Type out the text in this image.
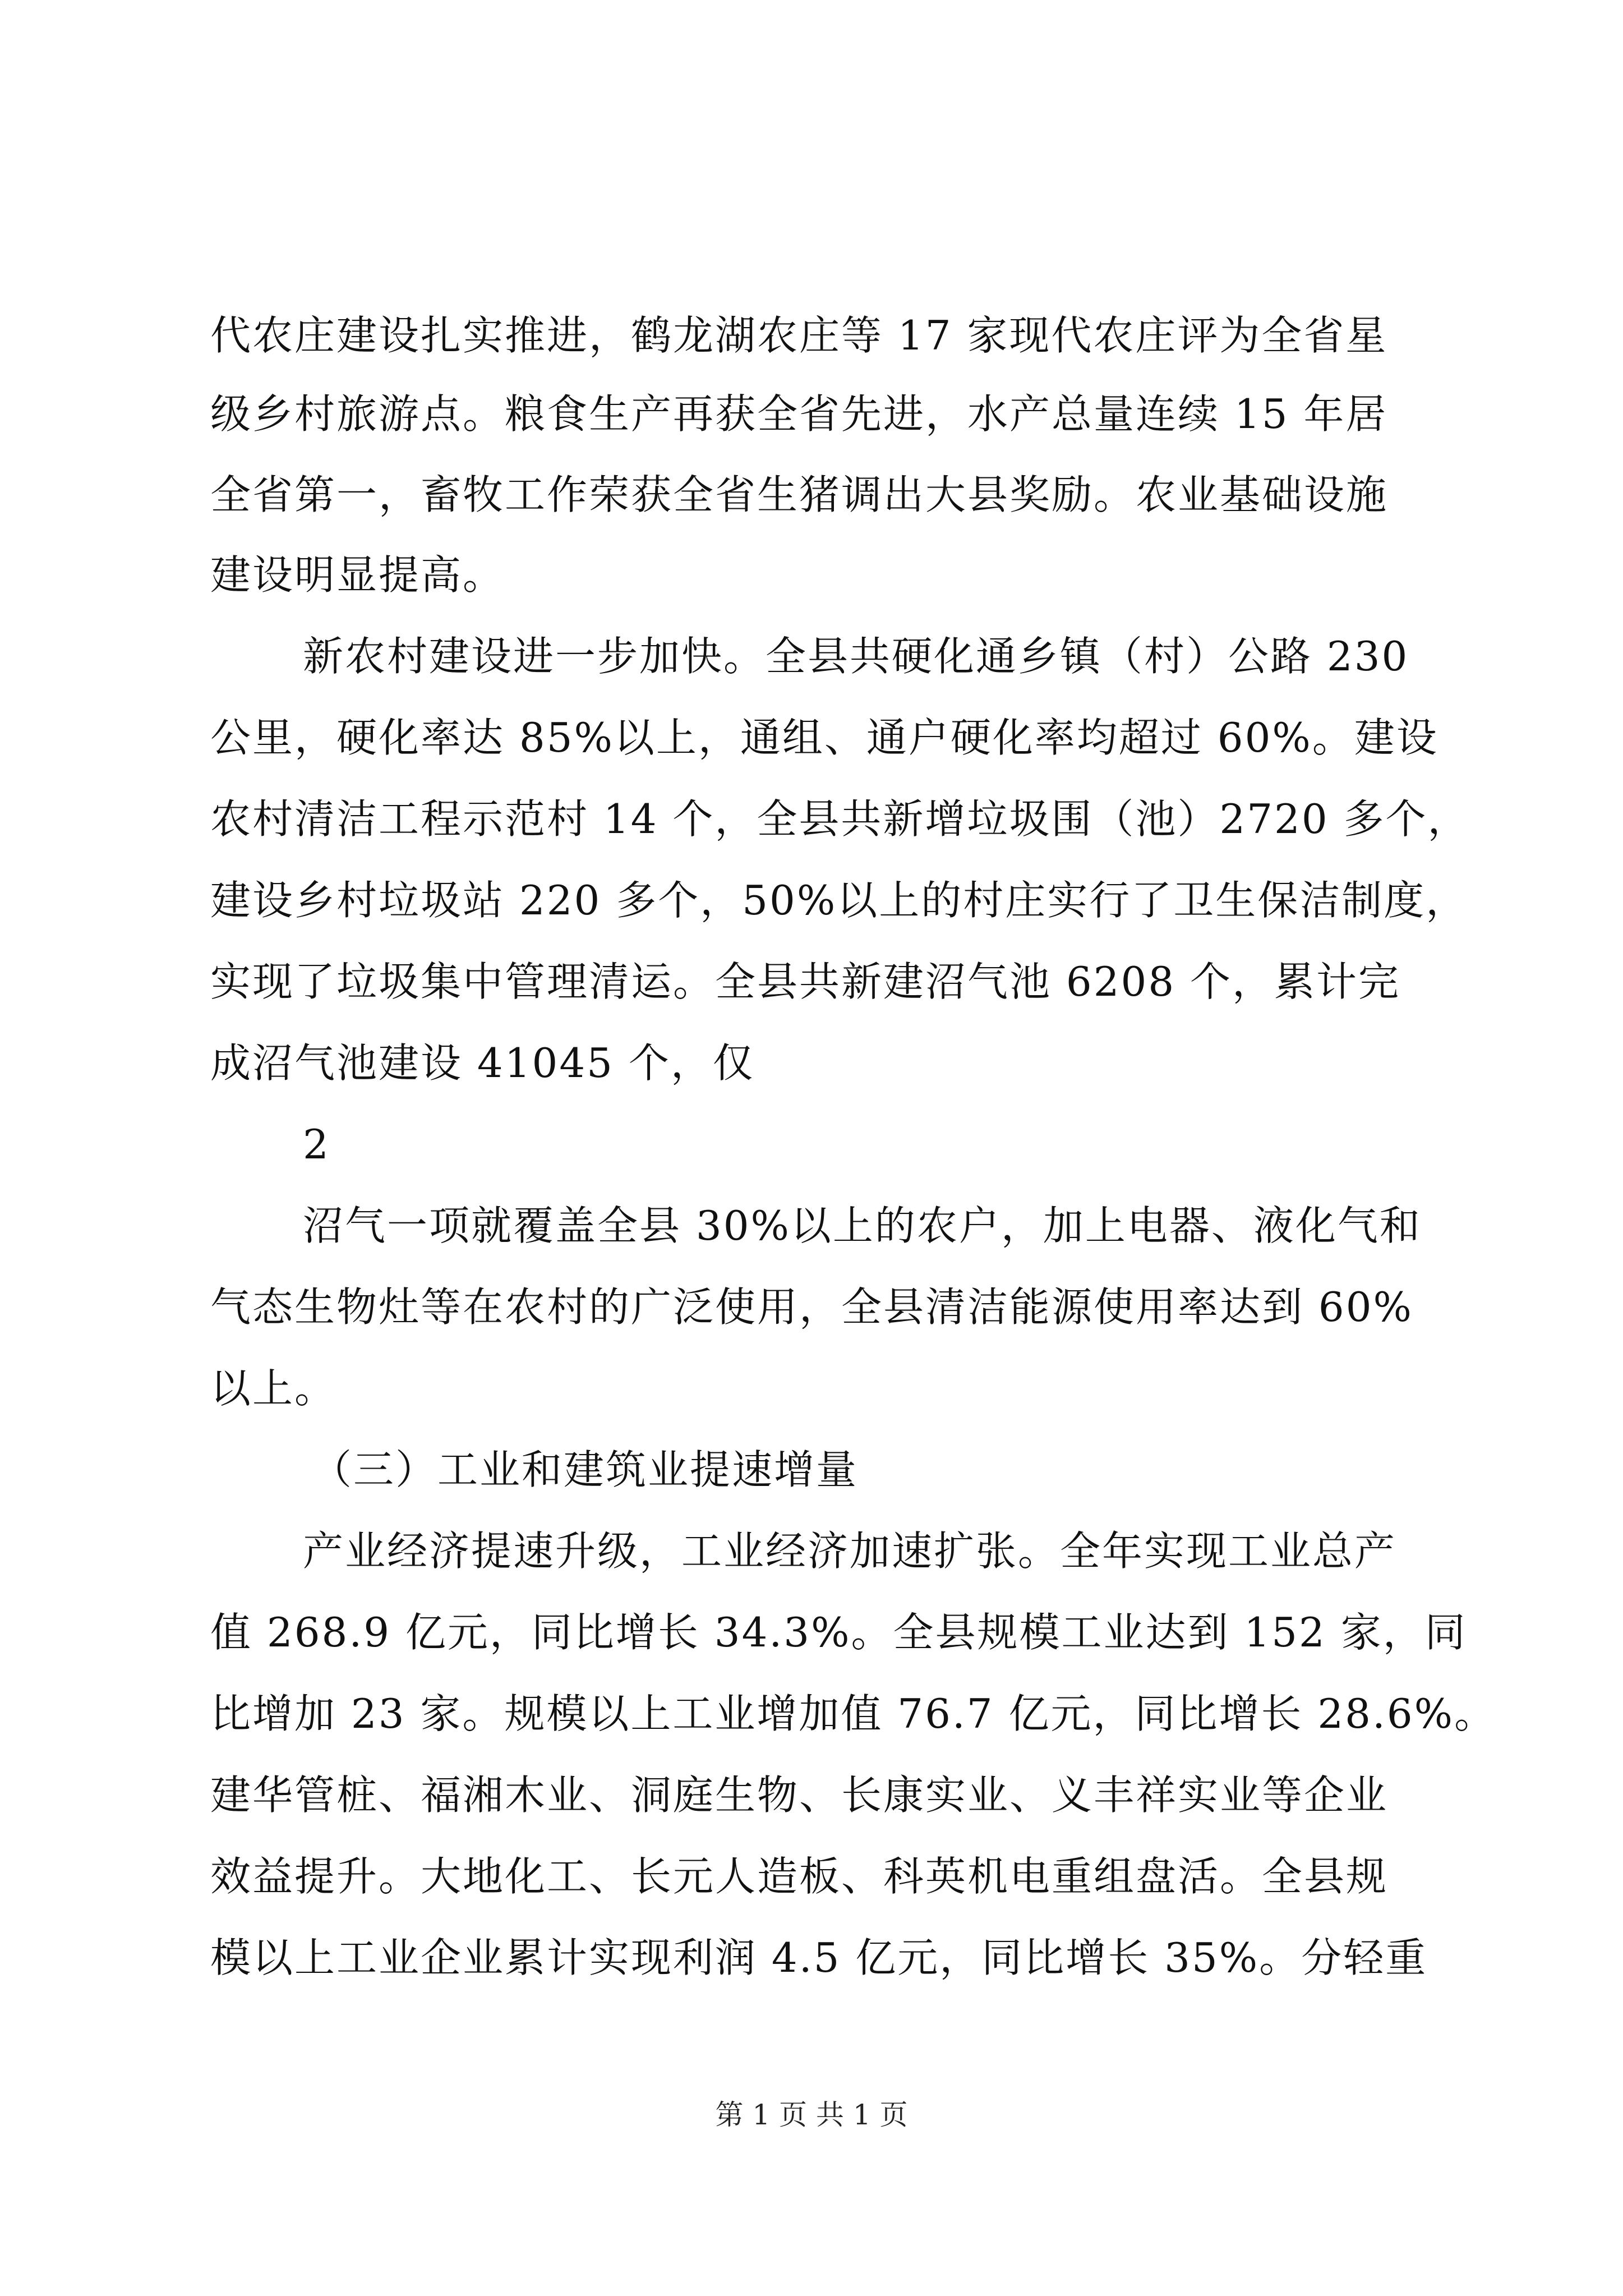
代农庄建设扎实推进，鹤龙湖农庄等 17 家现代农庄评为全省星
级乡村旅游点。粮食生产再获全省先进，水产总量连续 15 年居
全省第一，畜牧工作荣获全省生猪调出大县奖励。农业基础设施
建设明显提高。
新农村建设进一步加快。全县共硬化通乡镇（村）公路 230
公里，硬化率达 85%以上，通组、通户硬化率均超过 60%。建设
农村清洁工程示范村 14 个，全县共新增垃圾围（池）2720 多个，
建设乡村垃圾站 220 多个，50%以上的村庄实行了卫生保洁制度，
实现了垃圾集中管理清运。全县共新建沼气池 6208 个，累计完
成沼气池建设 41045 个，仅
2
沼气一项就覆盖全县 30%以上的农户，加上电器、液化气和
气态生物灶等在农村的广泛使用，全县清洁能源使用率达到 60%
以上。
（三）工业和建筑业提速增量
产业经济提速升级，工业经济加速扩张。全年实现工业总产
值 268.9 亿元，同比增长 34.3%。全县规模工业达到 152 家，同
比增加 23 家。规模以上工业增加值 76.7 亿元，同比增长 28.6%。
建华管桩、福湘木业、洞庭生物、长康实业、义丰祥实业等企业
效益提升。大地化工、长元人造板、科英机电重组盘活。全县规
模以上工业企业累计实现利润 4.5 亿元，同比增长 35%。分轻重
第 1 页 共 1 页
